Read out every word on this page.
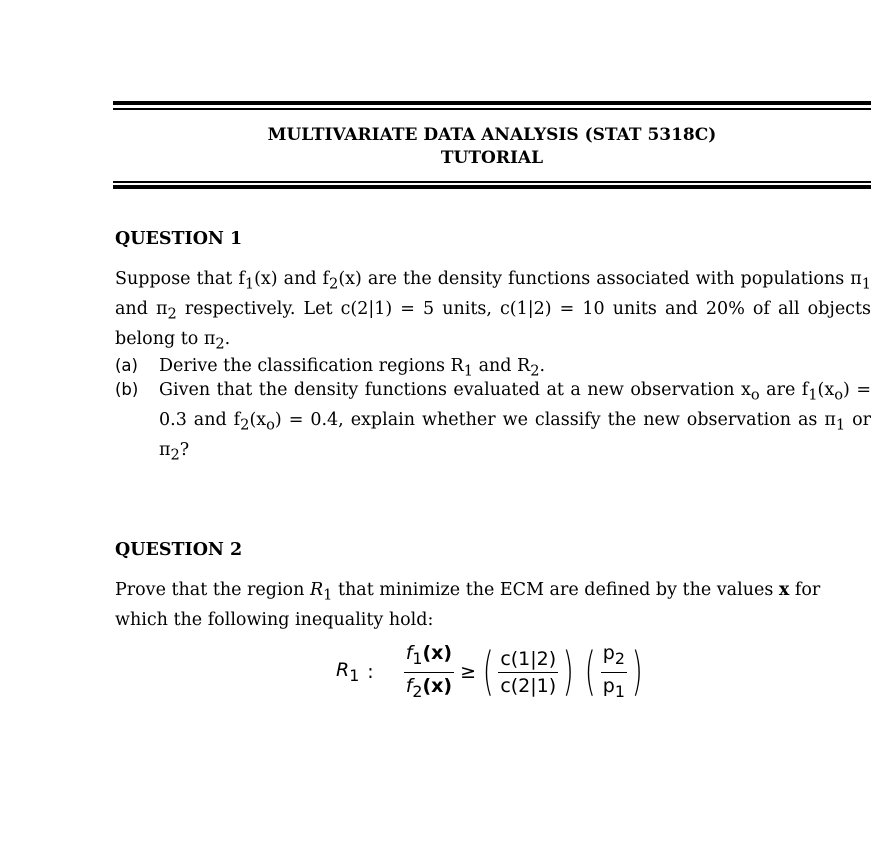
MULTIVARIATE DATA ANALYSIS (STAT 5318C)
TUTORIAL
QUESTION 1
Suppose that $f_1(x)$ and $f_2(x)$ are the density functions associated with populations $\pi_1$ and $\pi_2$ respectively. Let c(2|1) = 5 units, c(1|2) = 10 units and 20% of all objects belong to $\pi_2$.
(a) Derive the classification regions $R_1$ and $R_2$.
(b) Given that the density functions evaluated at a new observation $x_o$ are $f_1(x_o) = 0.3$ and $f_2(x_o) = 0.4$, explain whether we classify the new observation as $\pi_1$ or $\pi_2$?
QUESTION 2
Prove that the region $R_1$ that minimize the ECM are defined by the values x for which the following inequality hold:
$R_1$ : $\frac{f_1(x)}{f_2(x)}$ ≥ ( $\frac{c(1|2)}{c(2|1)}$ ) ( $\frac{p_2}{p_1}$ )
